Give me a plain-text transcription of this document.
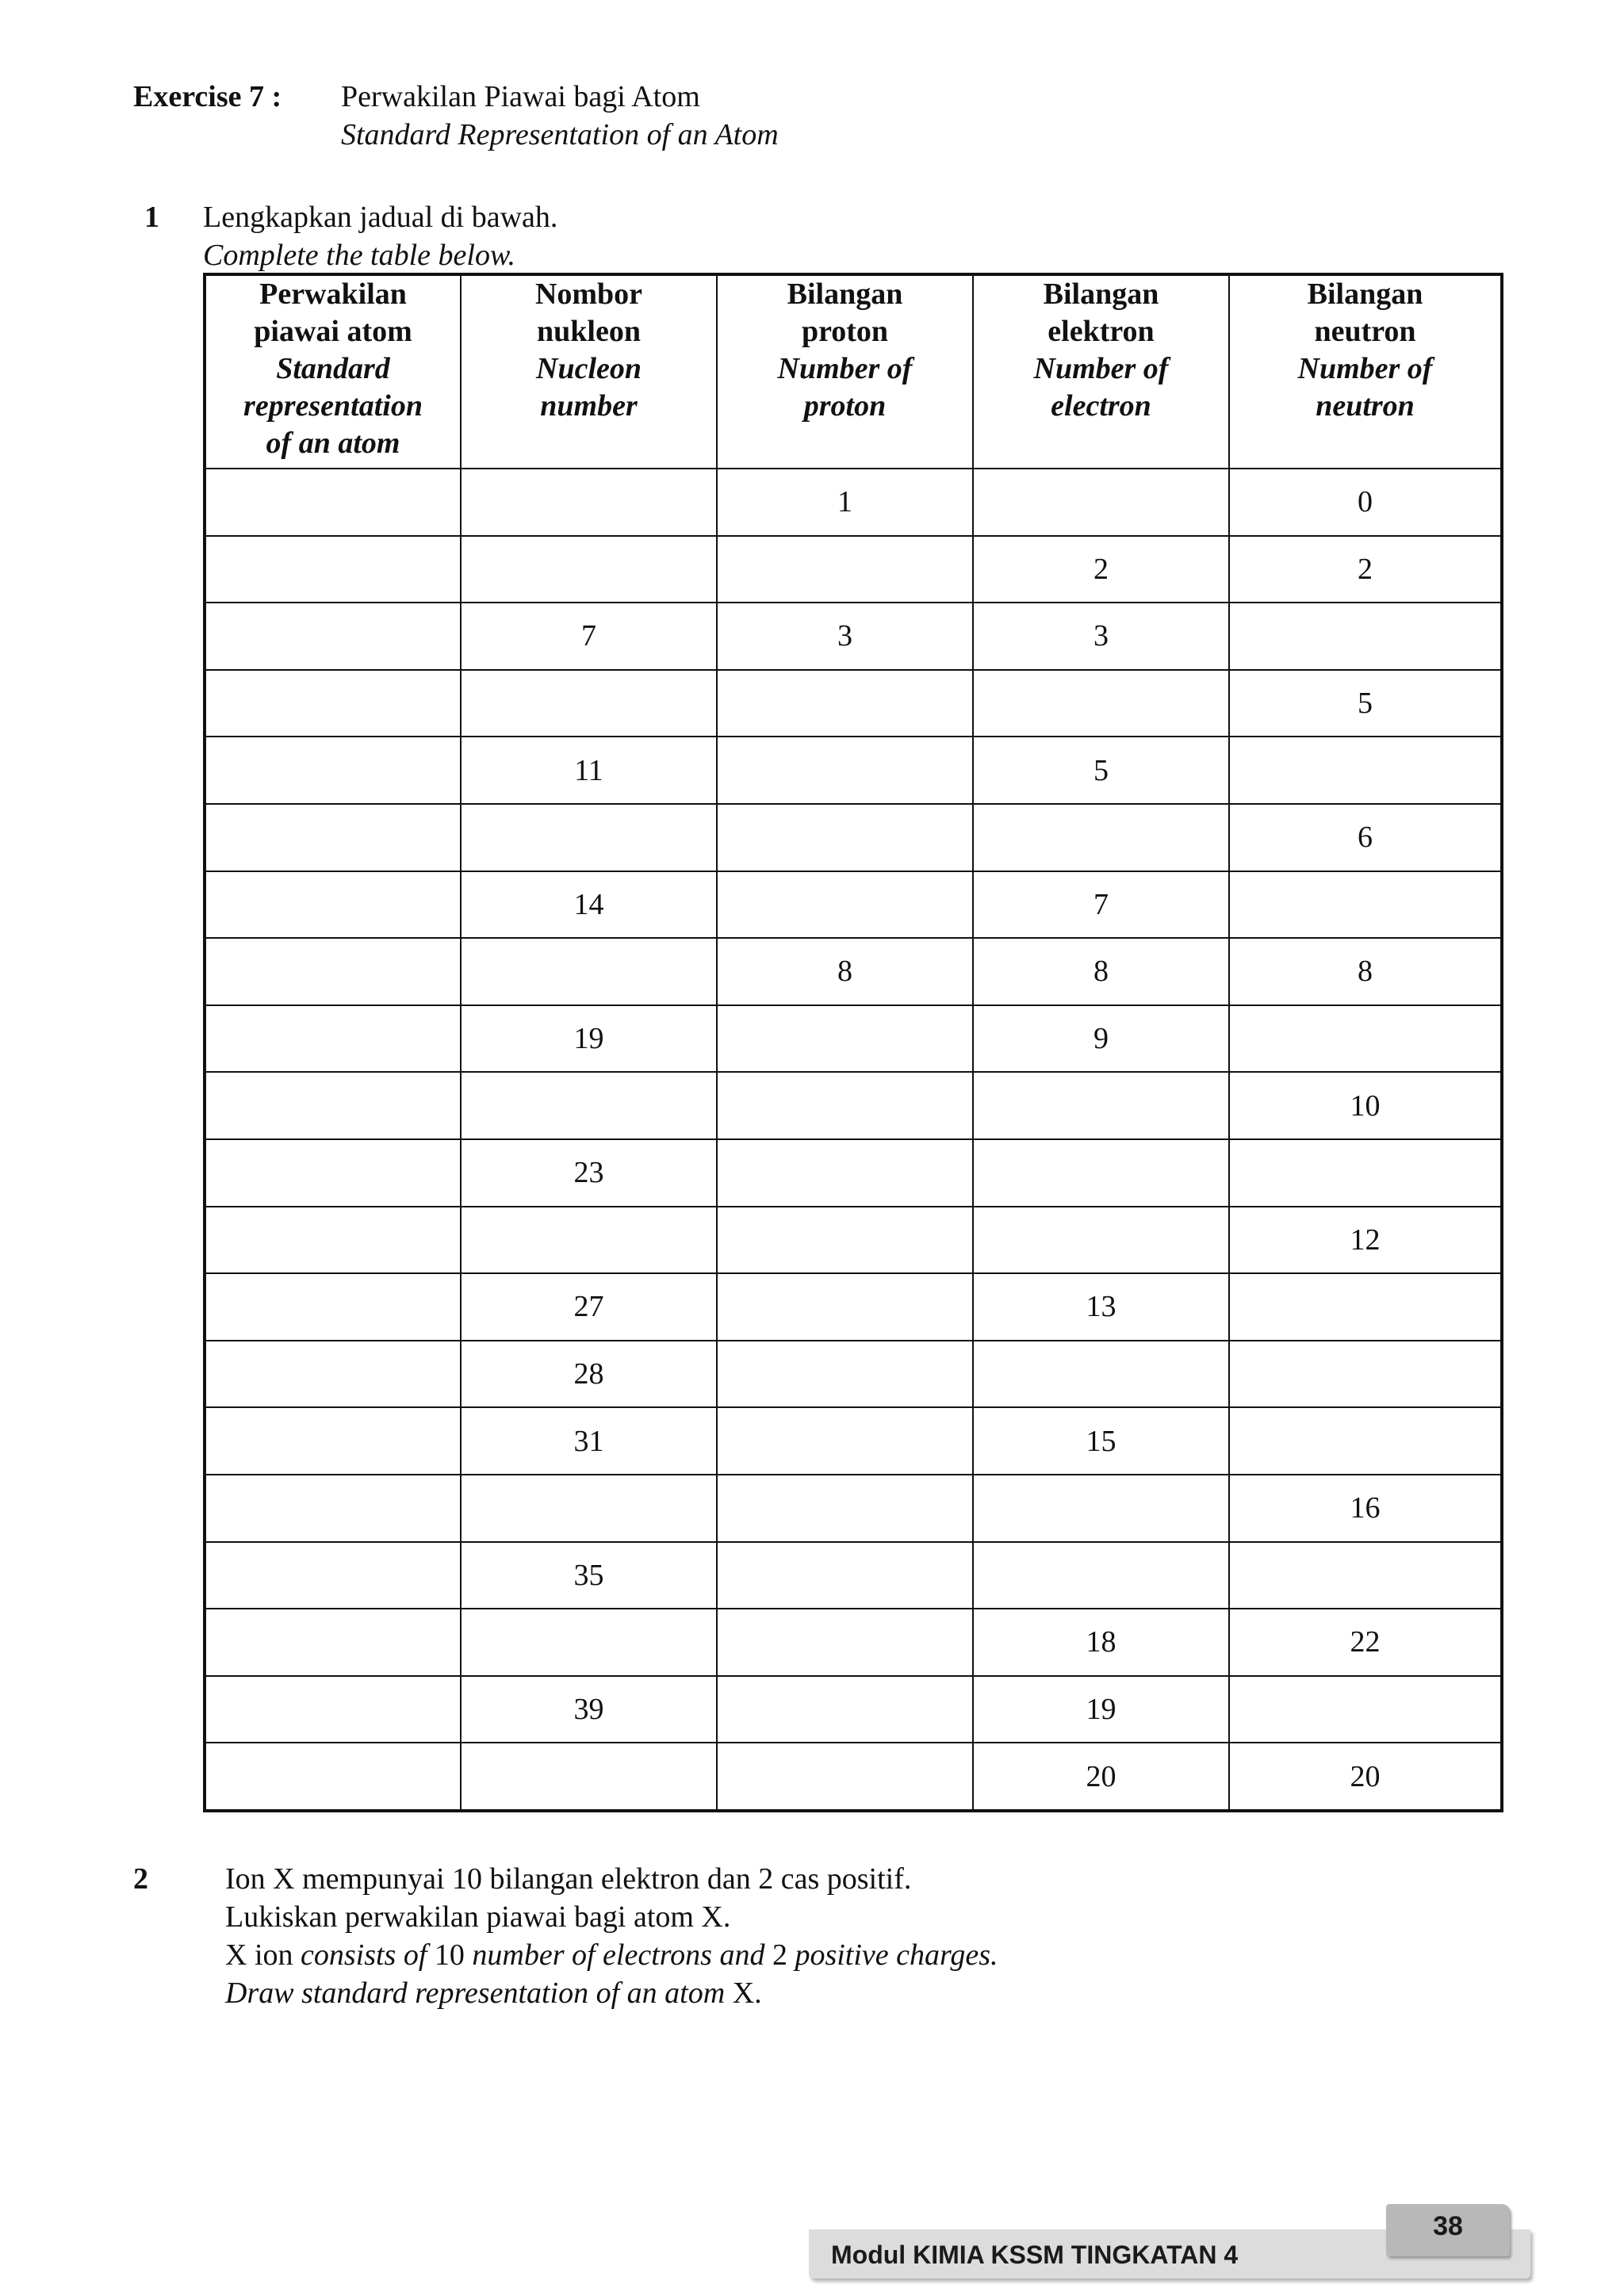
Exercise 7 : Perwakilan Piawai bagi Atom
Standard Representation of an Atom
1 Lengkapkan jadual di bawah.
Complete the table below.
Perwakilan
piawai atom
Standard
representation
of an atom	Nombor
nukleon
Nucleon
number	Bilangan
proton
Number of
proton	Bilangan
elektron
Number of
electron	Bilangan
neutron
Number of
neutron

		1		0
			2	2
	7	3	3	
				5
	11		5	
				6
	14		7	
		8	8	8
	19		9	
				10
	23			
				12
	27		13	
	28			
	31		15	
				16
	35			
			18	22
	39		19	
			20	20
2	Ion X mempunyai 10 bilangan elektron dan 2 cas positif.
Lukiskan perwakilan piawai bagi atom X.
X ion consists of 10 number of electrons and 2 positive charges.
Draw standard representation of an atom X.
Modul KIMIA KSSM TINGKATAN 4
38
